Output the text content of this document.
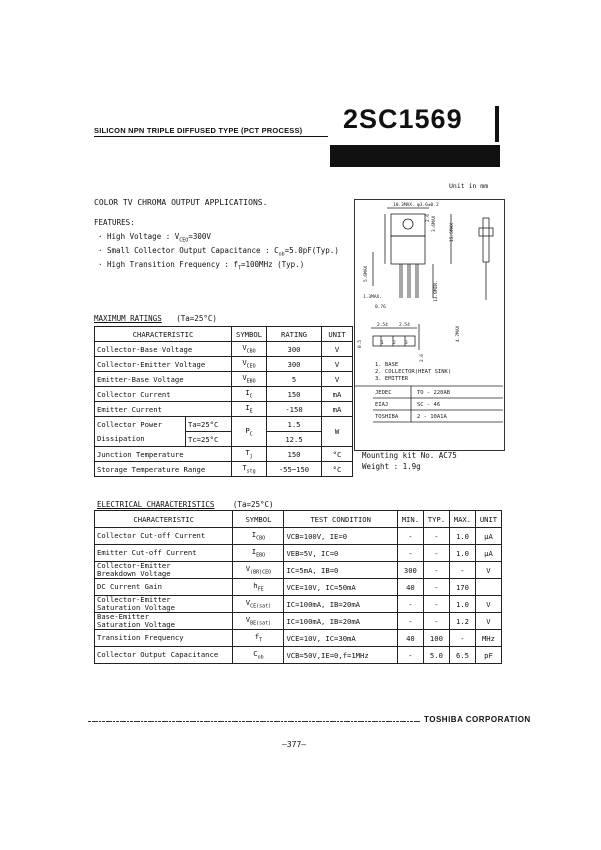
SILICON NPN TRIPLE DIFFUSED TYPE (PCT PROCESS) 2SC1569
Unit in mm
COLOR TV CHROMA OUTPUT APPLICATIONS.
FEATURES:
· High Voltage : $V_{CEO}=300V$
· Small Collector Output Capacitance : $C_{ob}=5.0pF(Typ.)$
· High Transition Frequency : $f_T=100MHz$ (Typ.)
MAXIMUM RATINGS (Ta=25°C)
CHARACTERISTIC		SYMBOL	RATING	UNIT
Collector-Base Voltage		$V_{CBO}$	300	V
Collector-Emitter Voltage		$V_{CEO}$	300	V
Emitter-Base Voltage		$V_{EBO}$	5	V
Collector Current		$I_C$	150	mA
Emitter Current		$I_E$	-150	mA
Collector Power	Ta=25°C	$P_C$	1.5	W
Dissipation	Tc=25°C		12.5	
Junction Temperature		$T_j$	150	°C
Storage Temperature Range		$T_{stg}$	-55~150	°C
10.3MAX. φ3.6±0.2
2.6 3.6MAX	15.5MAX
5.6MAX
1.3MAX.
0.76
13.0MIN.
2.54 2.54
4.7MAX
0.5
2.6
1 2 3
1. BASE
2. COLLECTOR(HEAT SINK)
3. EMITTER
JEDEC	TO - 220AB
EIAJ	SC - 46
TOSHIBA	2 - 10A1A
Mounting kit No. AC75
Weight : 1.9g
ELECTRICAL CHARACTERISTICS (Ta=25°C)
CHARACTERISTIC	SYMBOL	TEST CONDITION	MIN.	TYP.	MAX.	UNIT

Collector Cut-off Current	$I_{CBO}$	VCB=100V, IE=0	-	-	1.0	μA

Emitter Cut-off Current	$I_{EBO}$	VEB=5V, IC=0	-	-	1.0	μA

Collector-Emitter
Breakdown Voltage	$V_{(BR)CEO}$	IC=5mA, IB=0	300	-	-	V

DC Current Gain	$h_{FE}$	VCE=10V, IC=50mA	40	-	170	

Collector-Emitter
Saturation Voltage	$V_{CE(sat)}$	IC=100mA, IB=20mA	-	-	1.0	V

Base-Emitter
Saturation Voltage	$V_{BE(sat)}$	IC=100mA, IB=20mA	-	-	1.2	V

Transition Frequency	$f_T$	VCE=10V, IC=30mA	40	100	-	MHz

Collector Output Capacitance	$C_{ob}$	VCB=50V,IE=0,f=1MHz	-	5.0	6.5	pF
TOSHIBA CORPORATION
—377—
